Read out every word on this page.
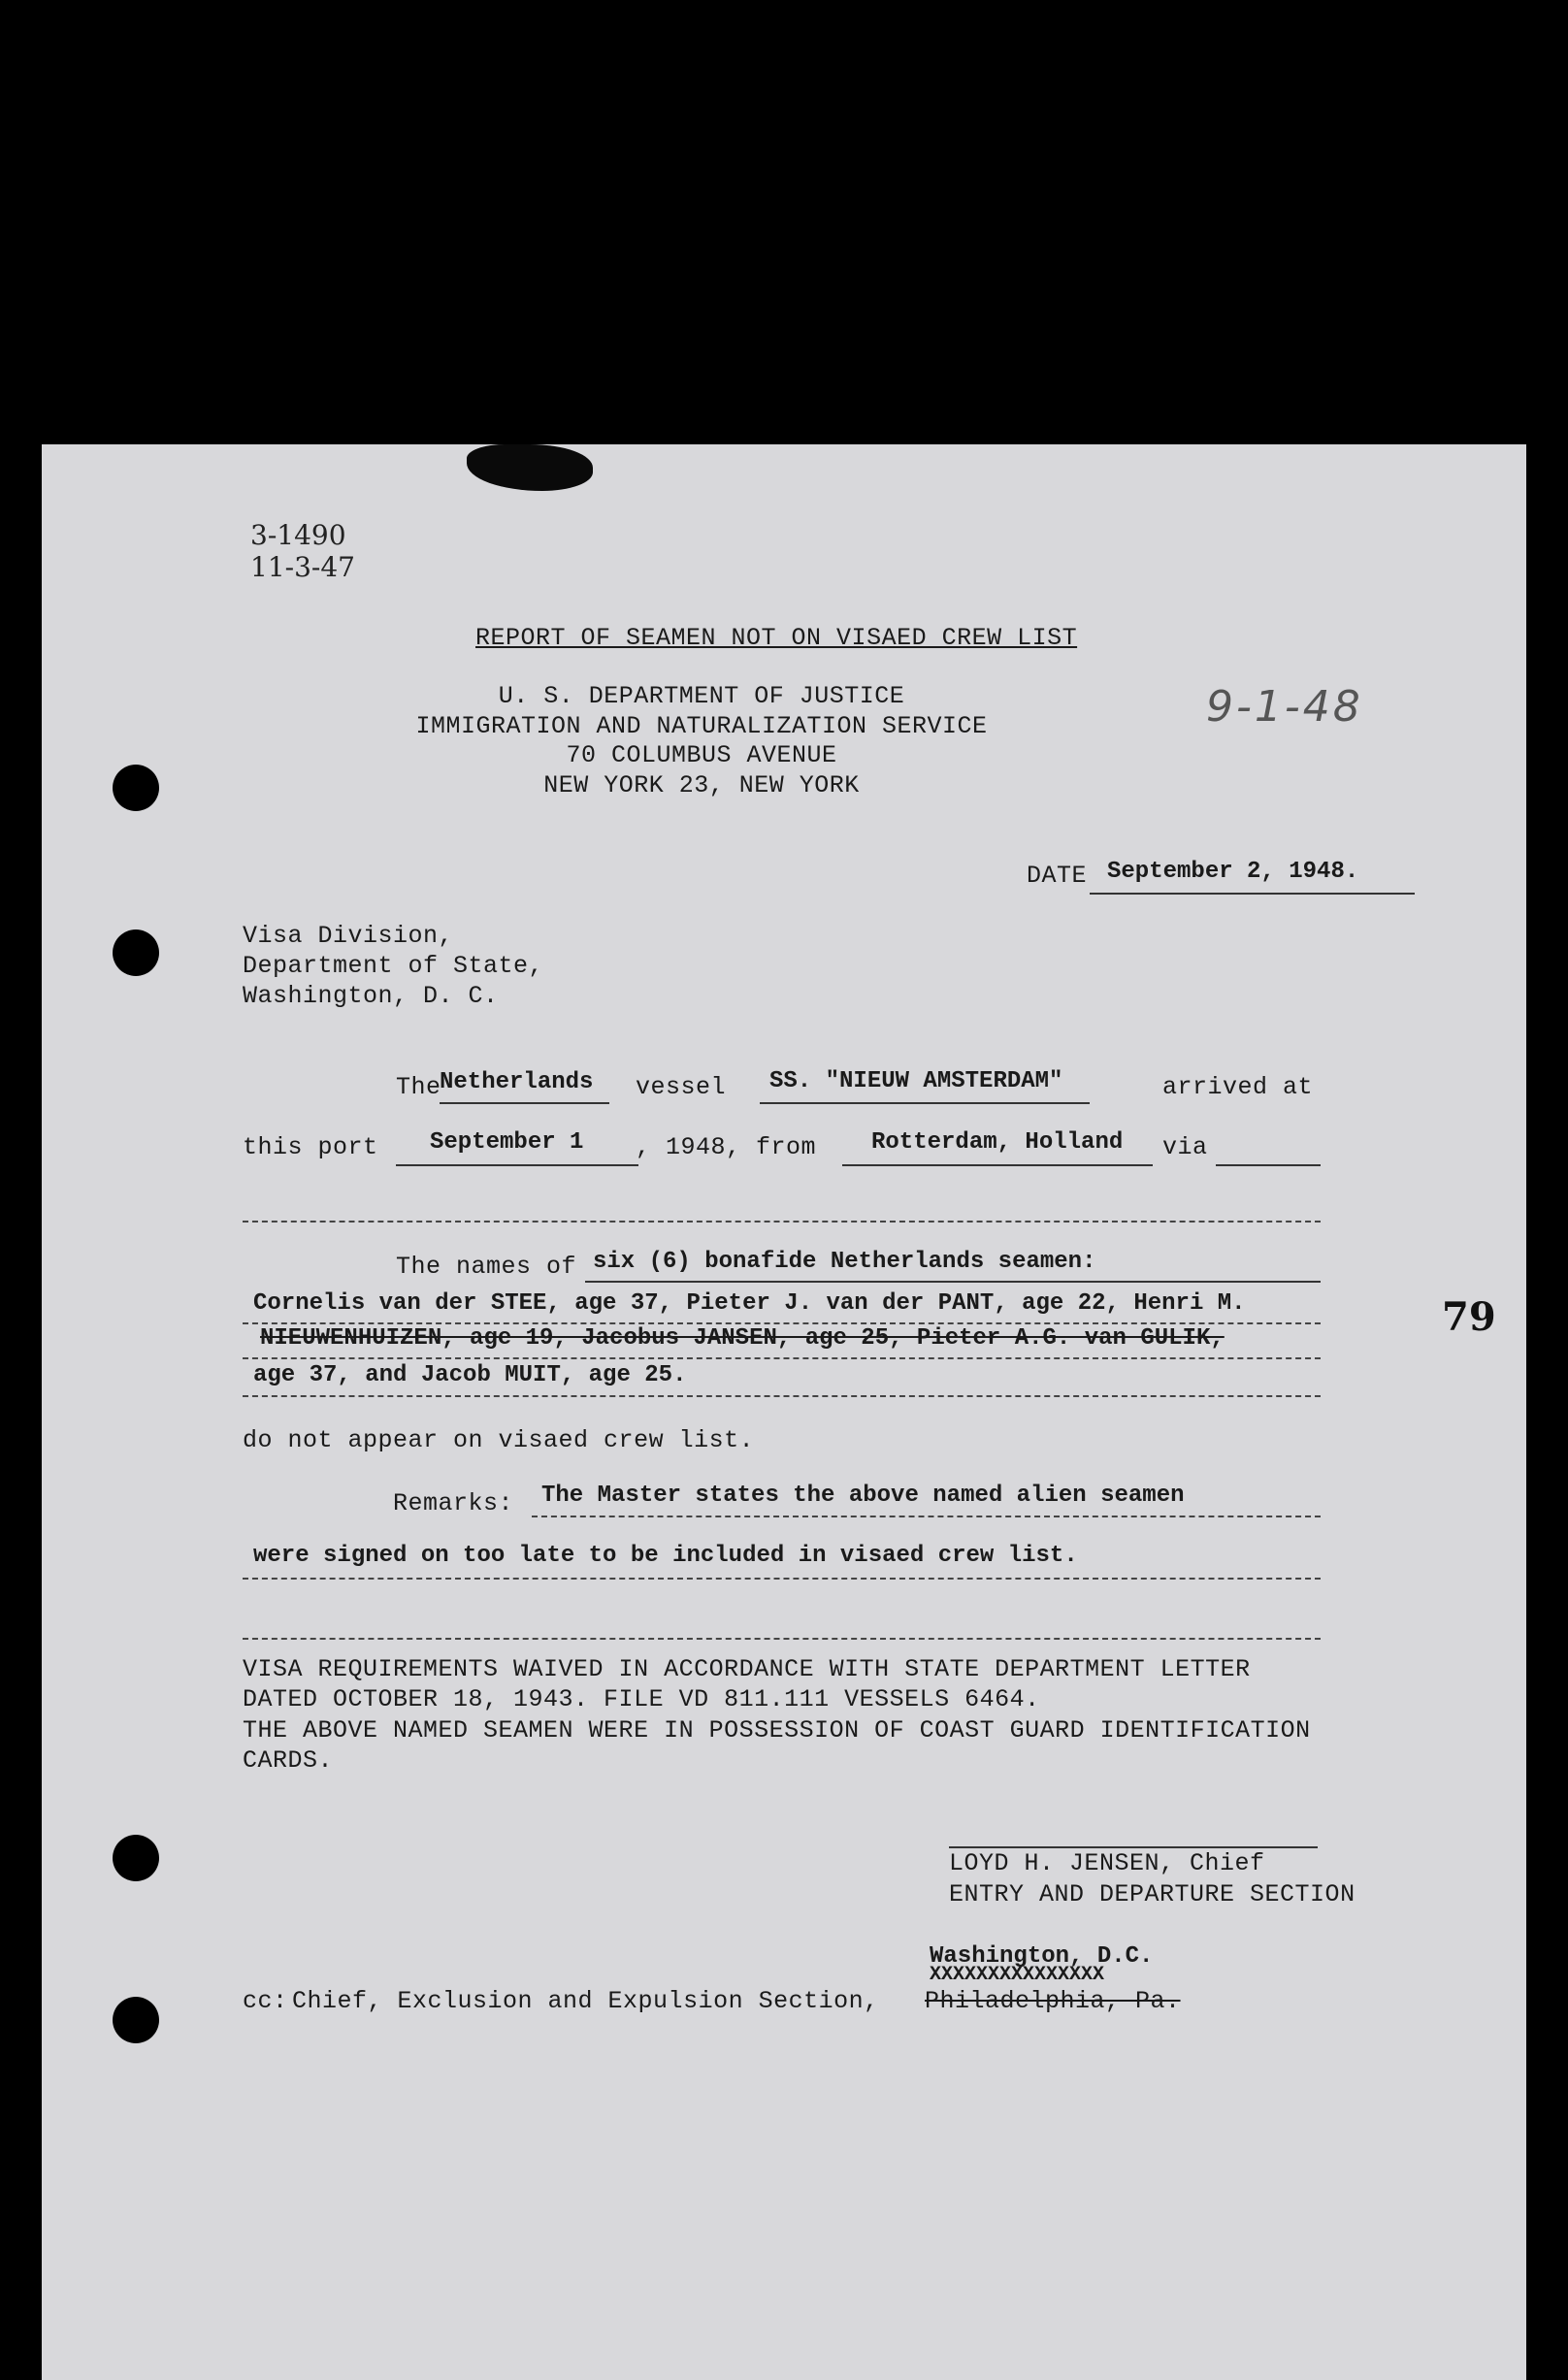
3-1490
11-3-47
REPORT OF SEAMEN NOT ON VISAED CREW LIST
U. S. DEPARTMENT OF JUSTICE
IMMIGRATION AND NATURALIZATION SERVICE
70 COLUMBUS AVENUE
NEW YORK 23, NEW YORK
9-1-48
DATE September 2, 1948.
Visa Division,
Department of State,
Washington, D. C.
The
Netherlands vessel SS. "NIEUW AMSTERDAM"	arrived at
this port September 1 , 1948, from Rotterdam, Holland via
The names of six (6) bonafide Netherlands seamen:
Cornelis van der STEE, age 37, Pieter J. van der PANT, age 22, Henri M.
NIEUWENHUIZEN, age 19, Jacobus JANSEN, age 25, Pieter A.G. van GULIK,
age 37, and Jacob MUIT, age 25.
do not appear on visaed crew list.
79
Remarks: The Master states the above named alien seamen
were signed on too late to be included in visaed crew list.
VISA REQUIREMENTS WAIVED IN ACCORDANCE WITH STATE DEPARTMENT LETTER
DATED OCTOBER 18, 1943. FILE VD 811.111 VESSELS 6464.
THE ABOVE NAMED SEAMEN WERE IN POSSESSION OF COAST GUARD IDENTIFICATION
CARDS.
LOYD H. JENSEN, Chief
ENTRY AND DEPARTURE SECTION
Washington, D.C.
cc: Chief, Exclusion and Expulsion Section, Philadelphia, Pa.
XXXXXXXXXXXXXXX
